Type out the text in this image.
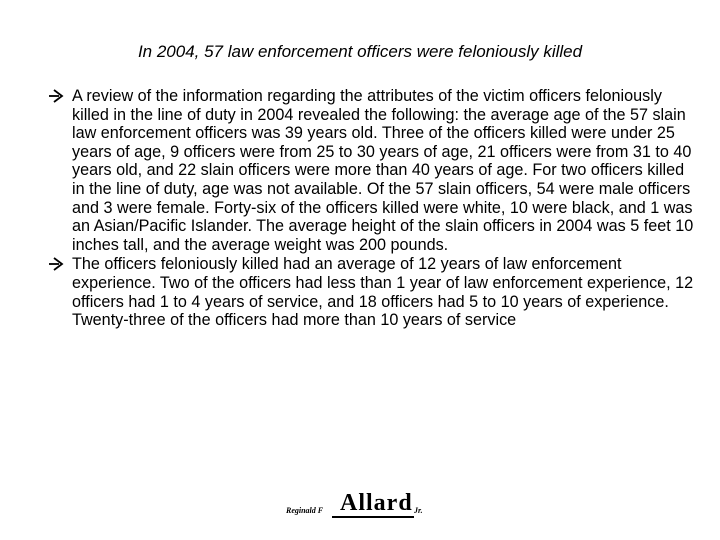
In 2004, 57 law enforcement officers were feloniously killed
A review of the information regarding the attributes of the victim officers feloniously killed in the line of duty in 2004 revealed the following: the average age of the 57 slain law enforcement officers was 39 years old. Three of the officers killed were under 25 years of age, 9 officers were from 25 to 30 years of age, 21 officers were from 31 to 40 years old, and 22 slain officers were more than 40 years of age. For two officers killed in the line of duty, age was not available. Of the 57 slain officers, 54 were male officers and 3 were female. Forty-six of the officers killed were white, 10 were black, and 1 was an Asian/Pacific Islander. The average height of the slain officers in 2004 was 5 feet 10 inches tall, and the average weight was 200 pounds.
The officers feloniously killed had an average of 12 years of law enforcement experience. Two of the officers had less than 1 year of law enforcement experience, 12 officers had 1 to 4 years of service, and 18 officers had 5 to 10 years of experience. Twenty-three of the officers had more than 10 years of service
Reginald F Allard Jr.
